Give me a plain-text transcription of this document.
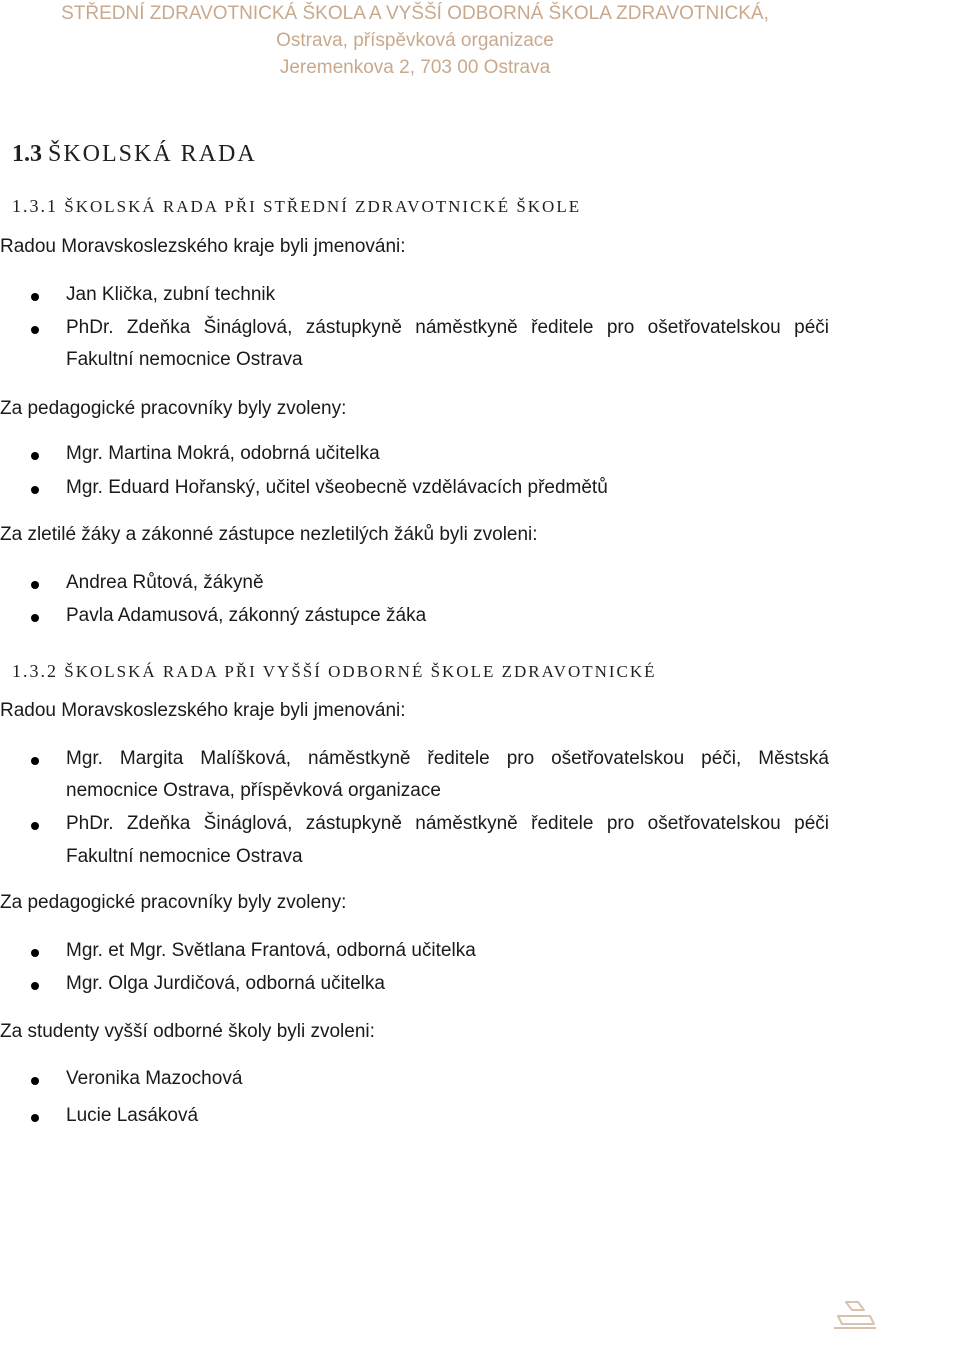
STŘEDNÍ ZDRAVOTNICKÁ ŠKOLA A VYŠŠÍ ODBORNÁ ŠKOLA ZDRAVOTNICKÁ,
Ostrava, příspěvková organizace
Jeremenkova 2, 703 00 Ostrava
1.3 ŠKOLSKÁ RADA
1.3.1 ŠKOLSKÁ RADA PŘI STŘEDNÍ ZDRAVOTNICKÉ ŠKOLE
Radou Moravskoslezského kraje byli jmenováni:
Jan Klička, zubní technik
PhDr. Zdeňka Šináglová, zástupkyně náměstkyně ředitele pro ošetřovatelskou péči
Fakultní nemocnice Ostrava
Za pedagogické pracovníky byly zvoleny:
Mgr. Martina Mokrá, odobrná učitelka
Mgr. Eduard Hořanský, učitel všeobecně vzdělávacích předmětů
Za zletilé žáky a zákonné zástupce nezletilých žáků byli zvoleni:
Andrea Růtová, žákyně
Pavla Adamusová, zákonný zástupce žáka
1.3.2 ŠKOLSKÁ RADA PŘI VYŠŠÍ ODBORNÉ ŠKOLE ZDRAVOTNICKÉ
Radou Moravskoslezského kraje byli jmenováni:
Mgr. Margita Malíšková, náměstkyně ředitele pro ošetřovatelskou péči, Městská
nemocnice Ostrava, příspěvková organizace
PhDr. Zdeňka Šináglová, zástupkyně náměstkyně ředitele pro ošetřovatelskou péči
Fakultní nemocnice Ostrava
Za pedagogické pracovníky byly zvoleny:
Mgr. et Mgr. Světlana Frantová, odborná učitelka
Mgr. Olga Jurdičová, odborná učitelka
Za studenty vyšší odborné školy byli zvoleni:
Veronika Mazochová
Lucie Lasáková
